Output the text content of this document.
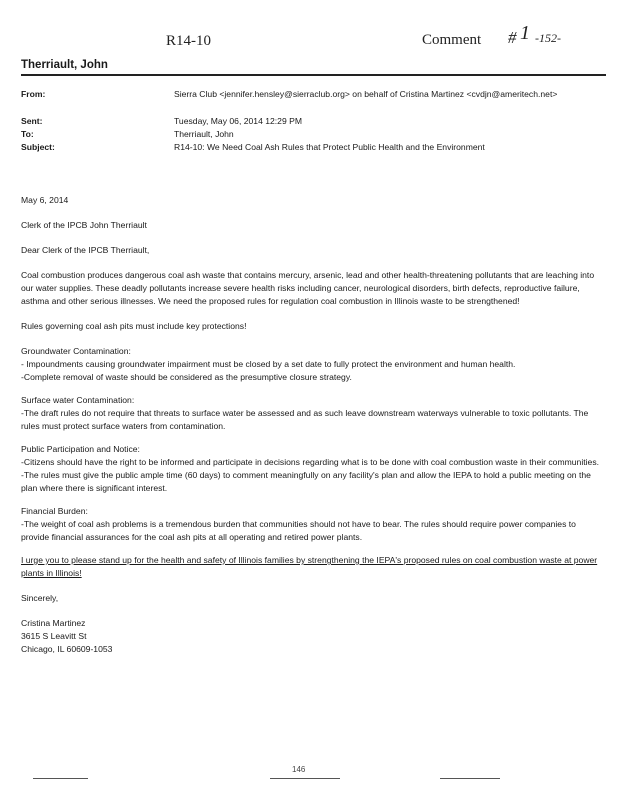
R14-10	Comment # 1 -152-
Therriault, John
From:	Sierra Club <jennifer.hensley@sierraclub.org> on behalf of Cristina Martinez <cvdjn@ameritech.net>
Sent:	Tuesday, May 06, 2014 12:29 PM
To:	Therriault, John
Subject:	R14-10: We Need Coal Ash Rules that Protect Public Health and the Environment

May 6, 2014

Clerk of the IPCB John Therriault

Dear Clerk of the IPCB Therriault,

Coal combustion produces dangerous coal ash waste that contains mercury, arsenic, lead and other health-threatening pollutants that are leaching into our water supplies. These deadly pollutants increase severe health risks including cancer, neurological disorders, birth defects, reproductive failure, asthma and other serious illnesses. We need the proposed rules for regulation coal combustion in Illinois waste to be strengthened!

Rules governing coal ash pits must include key protections!

Groundwater Contamination:

- Impoundments causing groundwater impairment must be closed by a set date to fully protect the environment and human health.

-Complete removal of waste should be considered as the presumptive closure strategy.

Surface water Contamination:

-The draft rules do not require that threats to surface water be assessed and as such leave downstream waterways vulnerable to toxic pollutants. The rules must protect surface waters from contamination.

Public Participation and Notice:

-Citizens should have the right to be informed and participate in decisions regarding what is to be done with coal combustion waste in their communities.

-The rules must give the public ample time (60 days) to comment meaningfully on any facility's plan and allow the IEPA to hold a public meeting on the plan where there is significant interest.

Financial Burden:

-The weight of coal ash problems is a tremendous burden that communities should not have to bear. The rules should require power companies to provide financial assurances for the coal ash pits at all operating and retired power plants.

I urge you to please stand up for the health and safety of Illinois families by strengthening the IEPA's proposed rules on coal combustion waste at power plants in Illinois!

Sincerely,

Cristina Martinez

3615 S Leavitt St

Chicago, IL 60609-1053

146
